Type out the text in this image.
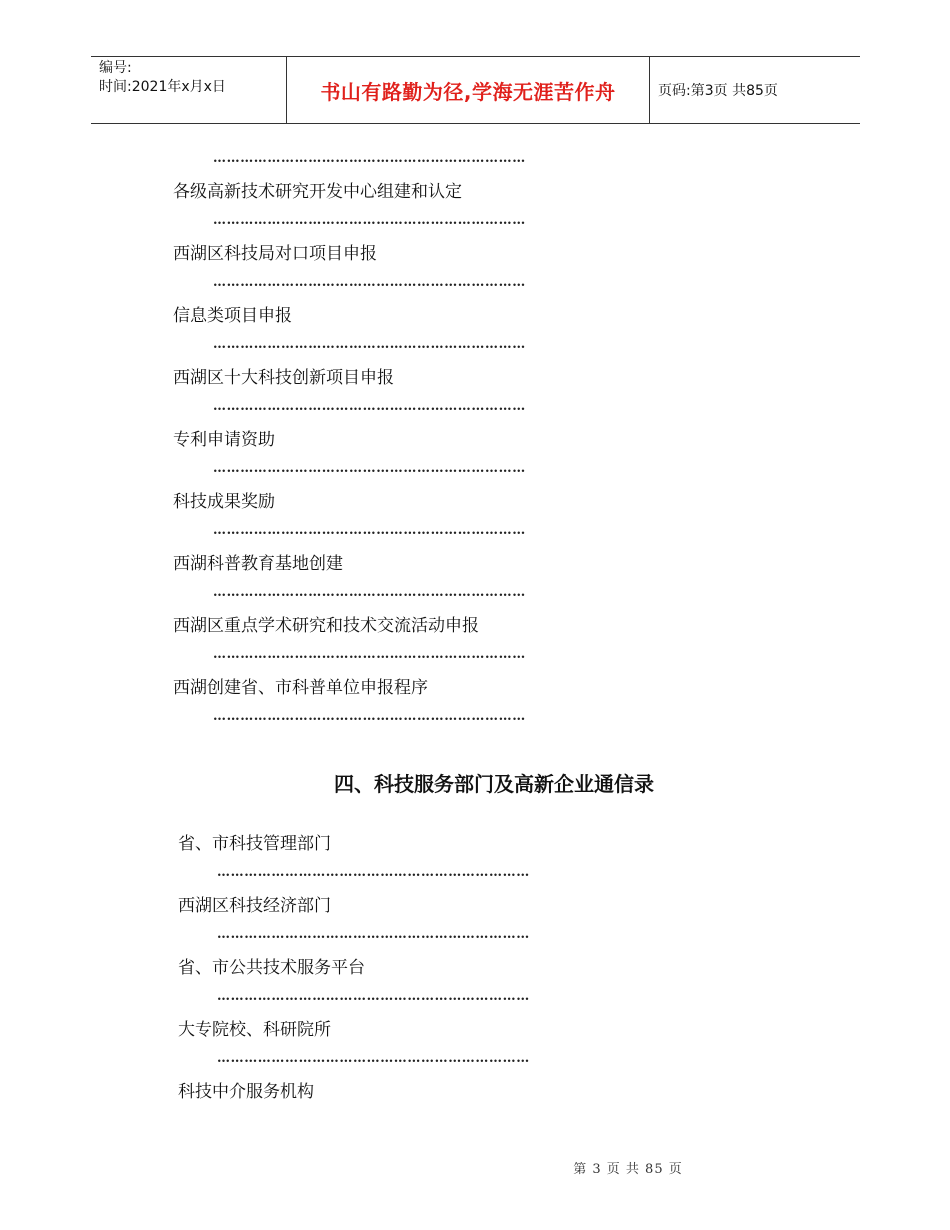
编号:
时间:2021年x月x日	书山有路勤为径,学海无涯苦作舟	页码:第3页 共85页
……………………………………………………………
各级高新技术研究开发中心组建和认定
……………………………………………………………
西湖区科技局对口项目申报
……………………………………………………………
信息类项目申报
……………………………………………………………
西湖区十大科技创新项目申报
……………………………………………………………
专利申请资助
……………………………………………………………
科技成果奖励
……………………………………………………………
西湖科普教育基地创建
……………………………………………………………
西湖区重点学术研究和技术交流活动申报
……………………………………………………………
西湖创建省、市科普单位申报程序
……………………………………………………………
四、科技服务部门及高新企业通信录
省、市科技管理部门
……………………………………………………………
西湖区科技经济部门
……………………………………………………………
省、市公共技术服务平台
……………………………………………………………
大专院校、科研院所
……………………………………………………………
科技中介服务机构
第 3 页 共 85 页
